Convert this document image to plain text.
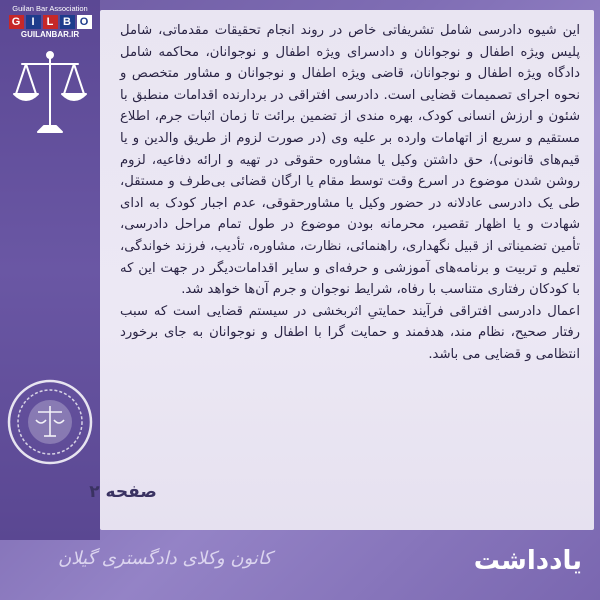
Guilan Bar Association
G	I	L B O
GUILANBAR.IR	این شیوه دادرسی شامل تشریفاتی خاص در روند انجام تحقیقات مقدماتی، شامل پلیس ویژه اطفال و نوجوانان و دادسرای ویژه اطفال و نوجوانان، محاکمه شامل دادگاه ویژه اطفال و نوجوانان، قاضی ویژه اطفال و نوجوانان و مشاور متخصص و نحوه اجرای تصمیمات قضایی است. دادرسی افتراقی در بردارنده اقدامات منطبق با شئون و ارزش انسانی کودک، بهره مندی از تضمین برائت تا زمان اثبات جرم، اطلاع مستقیم و سریع از اتهامات وارده بر علیه وی (در صورت لزوم از طریق والدین و یا قیم‌های قانونی)، حق داشتن وکیل یا مشاوره حقوقی در تهیه و ارائه دفاعیه، لزوم روشن شدن موضوع در اسرع وقت توسط مقام یا ارگان قضائی بی‌طرف و مستقل، طی یک دادرسی عادلانه در حضور وکیل یا مشاورحقوقی، عدم اجبار کودک به ادای شهادت و یا اظهار تقصیر، محرمانه بودن موضوع در طول تمام مراحل دادرسی، تأمین تضمیناتی از قبیل نگهداری، راهنمائی، نظارت، مشاوره، تأدیب، فرزند خواندگی، تعلیم و تربیت و برنامه‌های آموزشی و حرفه‌ای و سایر اقدامات‌دیگر در جهت این که با کودکان رفتاری متناسب با رفاه، شرایط نوجوان و جرم آن‌ها خواهد شد.

اعمال دادرسی افتراقی فرآیند حمایتیِ اثربخشی در سیستم قضایی است که سبب رفتار صحیح، نظام مند، هدفمند و حمایت گرا با اطفال و نوجوانان به جای برخورد انتظامی و قضایی می باشد.

صفحه ۲
کانون وکلای دادگستری گیلان	یادداشت
